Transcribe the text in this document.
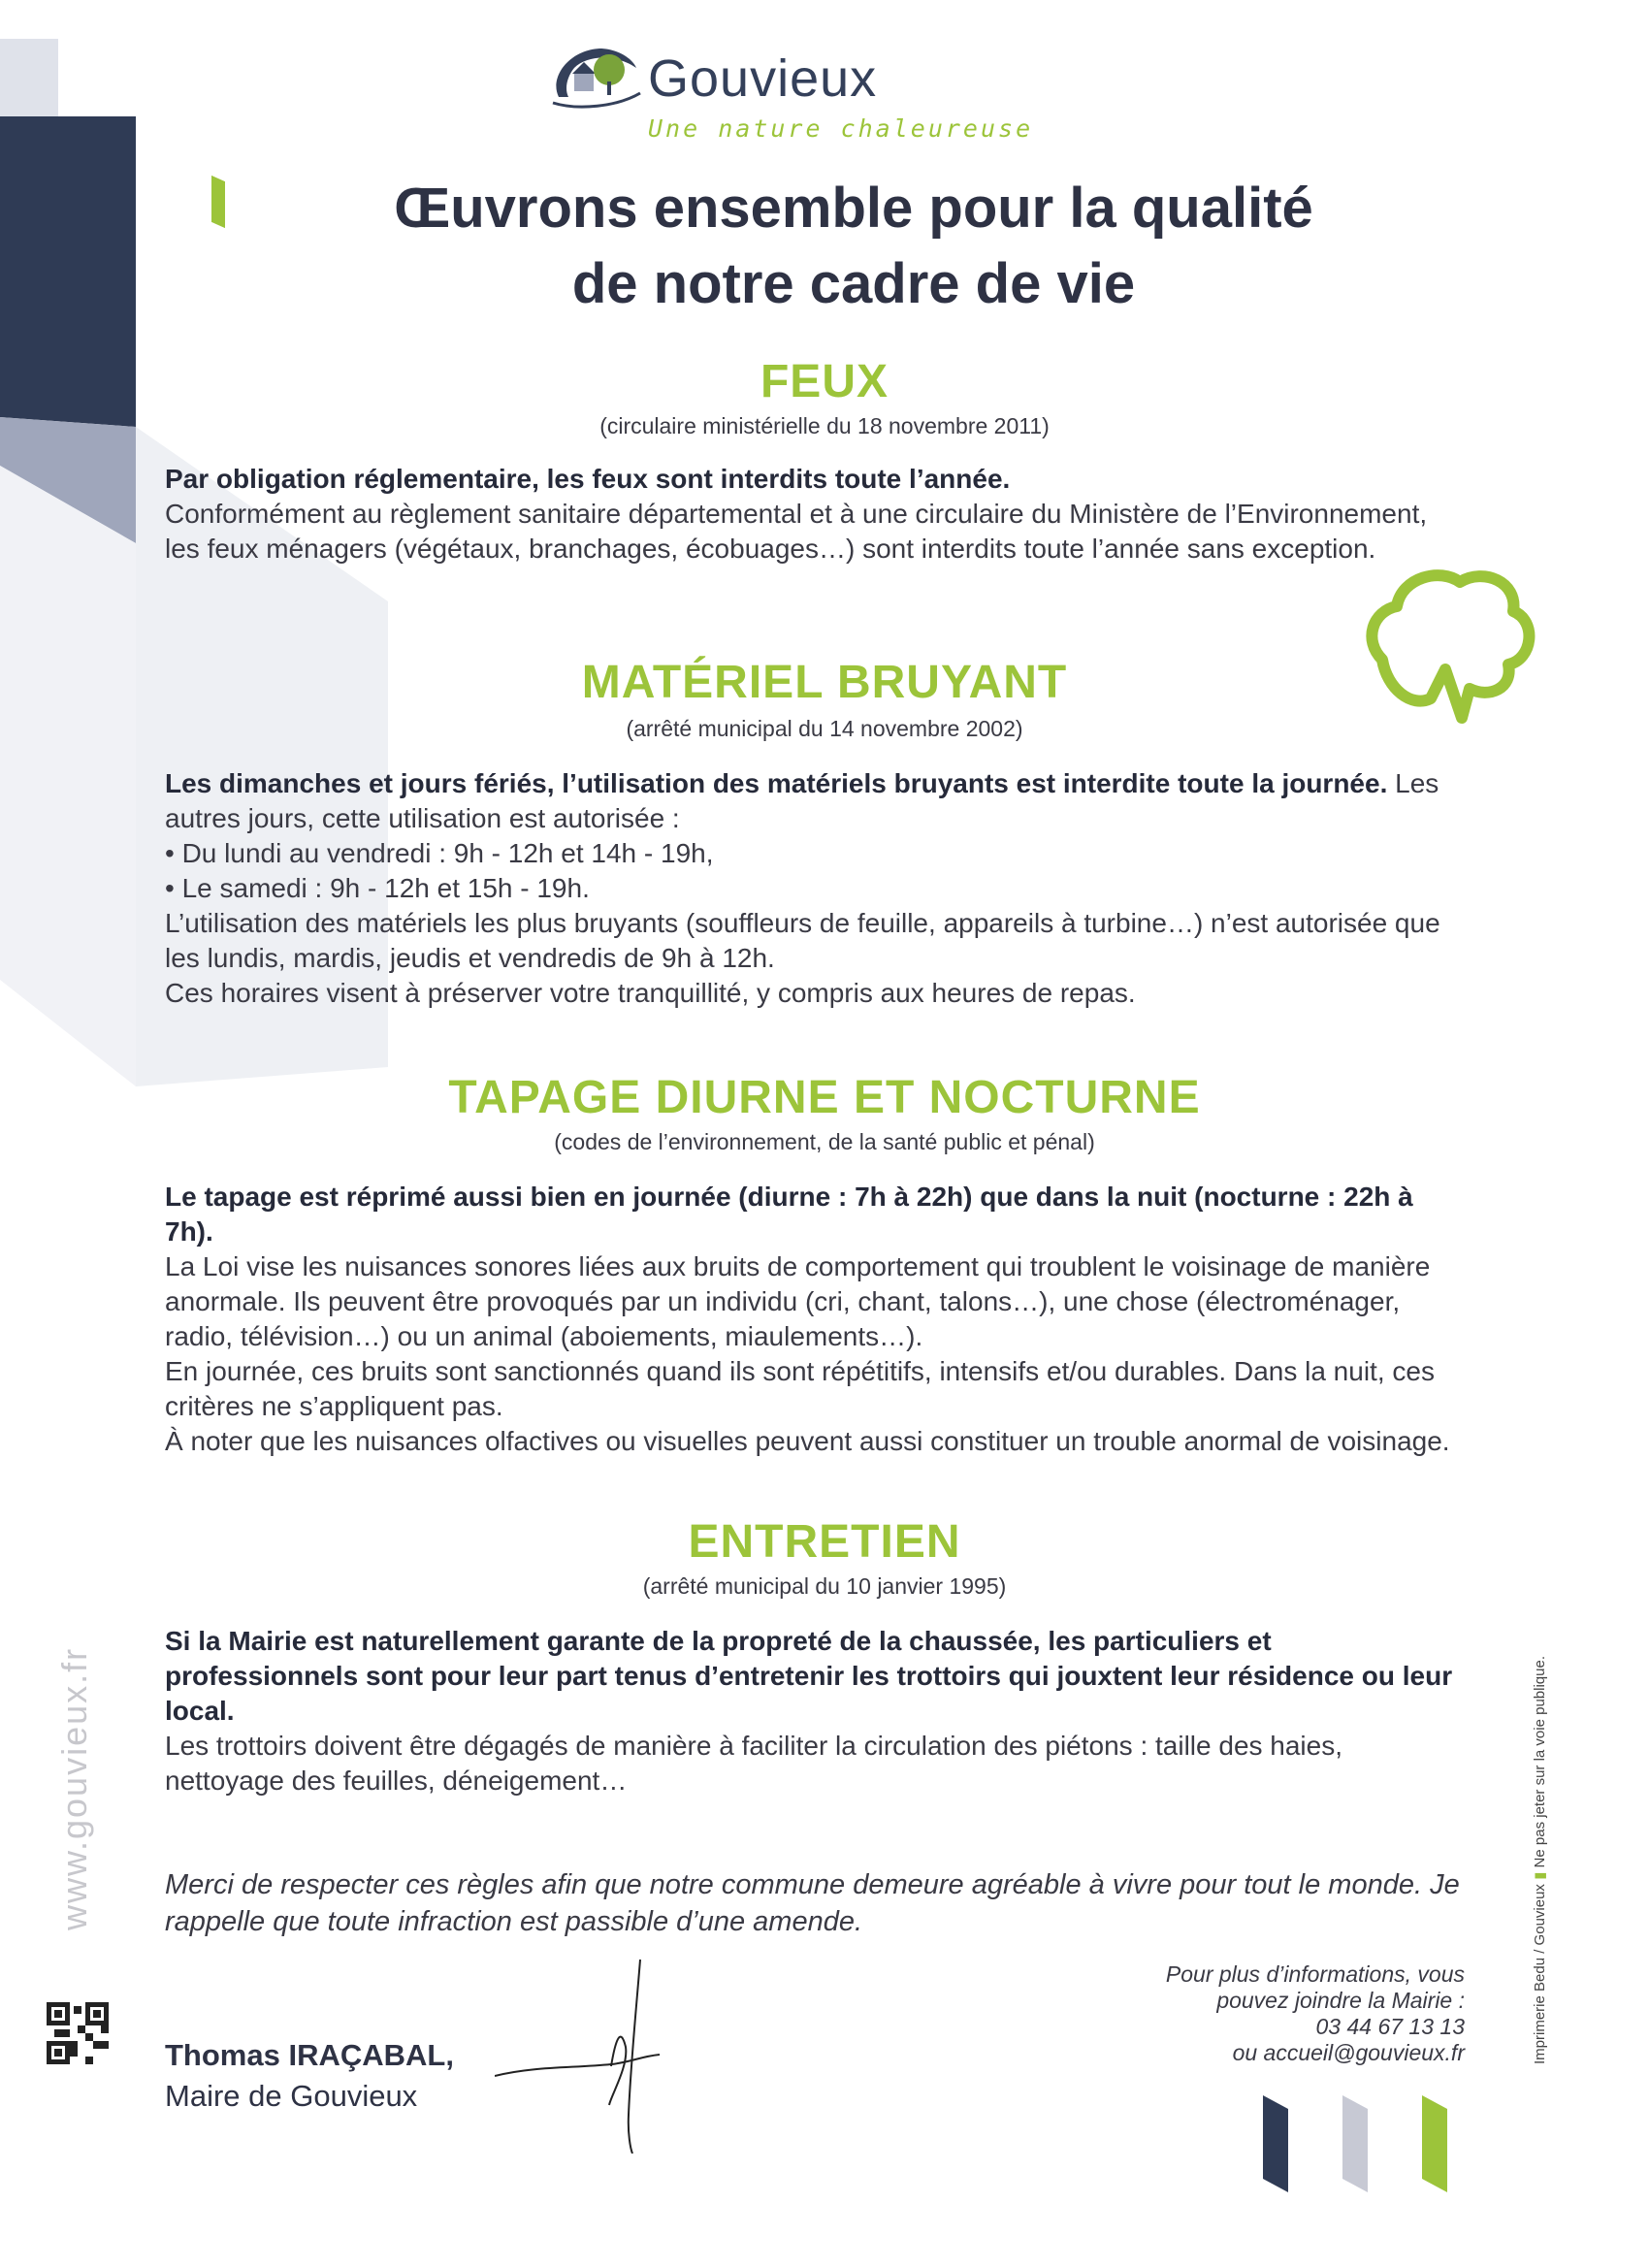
Gouvieux
Une nature chaleureuse
Œuvrons ensemble pour la qualité
de notre cadre de vie
FEUX
(circulaire ministérielle du 18 novembre 2011)
Par obligation réglementaire, les feux sont interdits toute l’année.
Conformément au règlement sanitaire départemental et à une circulaire du Ministère de l’Environnement, les feux ménagers (végétaux, branchages, écobuages…) sont interdits toute l’année sans exception.
MATÉRIEL BRUYANT
(arrêté municipal du 14 novembre 2002)
Les dimanches et jours fériés, l’utilisation des matériels bruyants est interdite toute la journée. Les autres jours, cette utilisation est autorisée :
• Du lundi au vendredi : 9h - 12h et 14h - 19h,
• Le samedi : 9h - 12h et 15h - 19h.
L’utilisation des matériels les plus bruyants (souffleurs de feuille, appareils à turbine…) n’est autorisée que les lundis, mardis, jeudis et vendredis de 9h à 12h.
Ces horaires visent à préserver votre tranquillité, y compris aux heures de repas.
TAPAGE DIURNE ET NOCTURNE
(codes de l’environnement, de la santé public et pénal)
Le tapage est réprimé aussi bien en journée (diurne : 7h à 22h) que dans la nuit (nocturne : 22h à 7h).
La Loi vise les nuisances sonores liées aux bruits de comportement qui troublent le voisinage de manière anormale. Ils peuvent être provoqués par un individu (cri, chant, talons…), une chose (électroménager, radio, télévision…) ou un animal (aboiements, miaulements…).
En journée, ces bruits sont sanctionnés quand ils sont répétitifs, intensifs et/ou durables. Dans la nuit, ces critères ne s’appliquent pas.
À noter que les nuisances olfactives ou visuelles peuvent aussi constituer un trouble anormal de voisinage.
ENTRETIEN
(arrêté municipal du 10 janvier 1995)
Si la Mairie est naturellement garante de la propreté de la chaussée, les particuliers et professionnels sont pour leur part tenus d’entretenir les trottoirs qui jouxtent leur résidence ou leur local.
Les trottoirs doivent être dégagés de manière à faciliter la circulation des piétons : taille des haies, nettoyage des feuilles, déneigement…
Merci de respecter ces règles afin que notre commune demeure agréable à vivre pour tout le monde. Je rappelle que toute infraction est passible d’une amende.
Thomas IRAÇABAL,
Maire de Gouvieux
Pour plus d’informations, vous
pouvez joindre la Mairie :
03 44 67 13 13
ou accueil@gouvieux.fr
www.gouvieux.fr
Imprimerie Bedu / Gouvieux ▮ Ne pas jeter sur la voie publique.
